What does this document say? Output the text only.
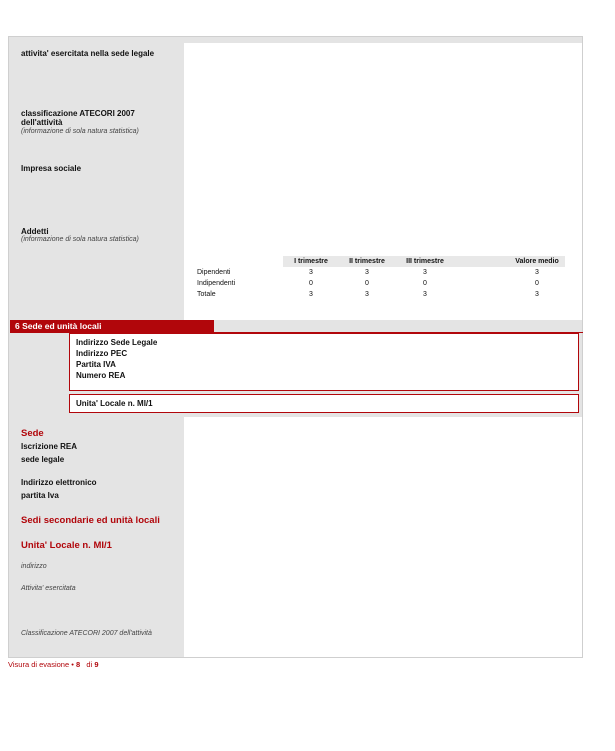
attivita' esercitata nella sede legale
classificazione ATECORI 2007 dell'attività
(informazione di sola natura statistica)
Impresa sociale
Addetti
(informazione di sola natura statistica)
	I trimestre	II trimestre	III trimestre		Valore medio
Dipendenti	3	3	3		3
Indipendenti	0	0	0		0
Totale	3	3	3		3
6 Sede ed unità locali
Indirizzo Sede Legale
Indirizzo PEC
Partita IVA
Numero REA
Unita' Locale n. MI/1
Sede
Iscrizione REA
sede legale
Indirizzo elettronico
partita Iva
Sedi secondarie ed unità locali
Unita' Locale n. MI/1
indirizzo
Attivita' esercitata
Classificazione ATECORI 2007 dell'attività
Visura di evasione • 8 di 9
